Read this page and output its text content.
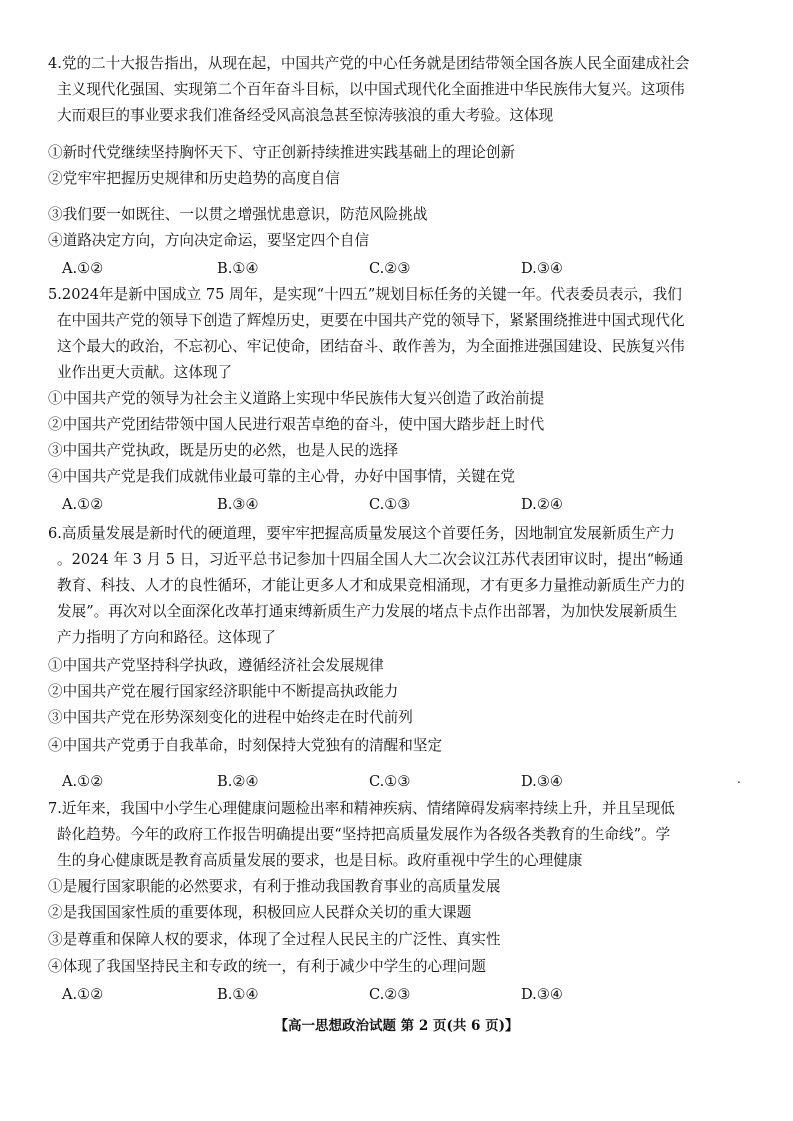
4.党的二十大报告指出，从现在起，中国共产党的中心任务就是团结带领全国各族人民全面建成社会
主义现代化强国、实现第二个百年奋斗目标，以中国式现代化全面推进中华民族伟大复兴。这项伟
大而艰巨的事业要求我们准备经受风高浪急甚至惊涛骇浪的重大考验。这体现
①新时代党继续坚持胸怀天下、守正创新持续推进实践基础上的理论创新
②党牢牢把握历史规律和历史趋势的高度自信
③我们要一如既往、一以贯之增强忧患意识，防范风险挑战
④道路决定方向，方向决定命运，要坚定四个自信
A.①②	B.①④	C.②③	D.③④
5.2024年是新中国成立 75 周年，是实现“十四五”规划目标任务的关键一年。代表委员表示，我们
在中国共产党的领导下创造了辉煌历史，更要在中国共产党的领导下，紧紧围绕推进中国式现代化
这个最大的政治，不忘初心、牢记使命，团结奋斗、敢作善为，为全面推进强国建设、民族复兴伟
业作出更大贡献。这体现了
①中国共产党的领导为社会主义道路上实现中华民族伟大复兴创造了政治前提
②中国共产党团结带领中国人民进行艰苦卓绝的奋斗，使中国大踏步赶上时代
③中国共产党执政，既是历史的必然，也是人民的选择
④中国共产党是我们成就伟业最可靠的主心骨，办好中国事情，关键在党
A.①②	B.③④	C.①③	D.②④
6.高质量发展是新时代的硬道理，要牢牢把握高质量发展这个首要任务，因地制宜发展新质生产力
。2024 年 3 月 5 日，习近平总书记参加十四届全国人大二次会议江苏代表团审议时，提出“畅通
教育、科技、人才的良性循环，才能让更多人才和成果竞相涌现，才有更多力量推动新质生产力的
发展”。再次对以全面深化改革打通束缚新质生产力发展的堵点卡点作出部署，为加快发展新质生
产力指明了方向和路径。这体现了
①中国共产党坚持科学执政，遵循经济社会发展规律
②中国共产党在履行国家经济职能中不断提高执政能力
③中国共产党在形势深刻变化的进程中始终走在时代前列
④中国共产党勇于自我革命，时刻保持大党独有的清醒和坚定
A.①②	B.②④	C.①③	D.③④	.
7.近年来，我国中小学生心理健康问题检出率和精神疾病、情绪障碍发病率持续上升，并且呈现低
龄化趋势。今年的政府工作报告明确提出要“坚持把高质量发展作为各级各类教育的生命线”。学
生的身心健康既是教育高质量发展的要求，也是目标。政府重视中学生的心理健康
①是履行国家职能的必然要求，有利于推动我国教育事业的高质量发展
②是我国国家性质的重要体现，积极回应人民群众关切的重大课题
③是尊重和保障人权的要求，体现了全过程人民民主的广泛性、真实性
④体现了我国坚持民主和专政的统一，有利于减少中学生的心理问题
A.①②	B.①④	C.②③	D.③④
【高一思想政治试题 第 2 页(共 6 页)】
